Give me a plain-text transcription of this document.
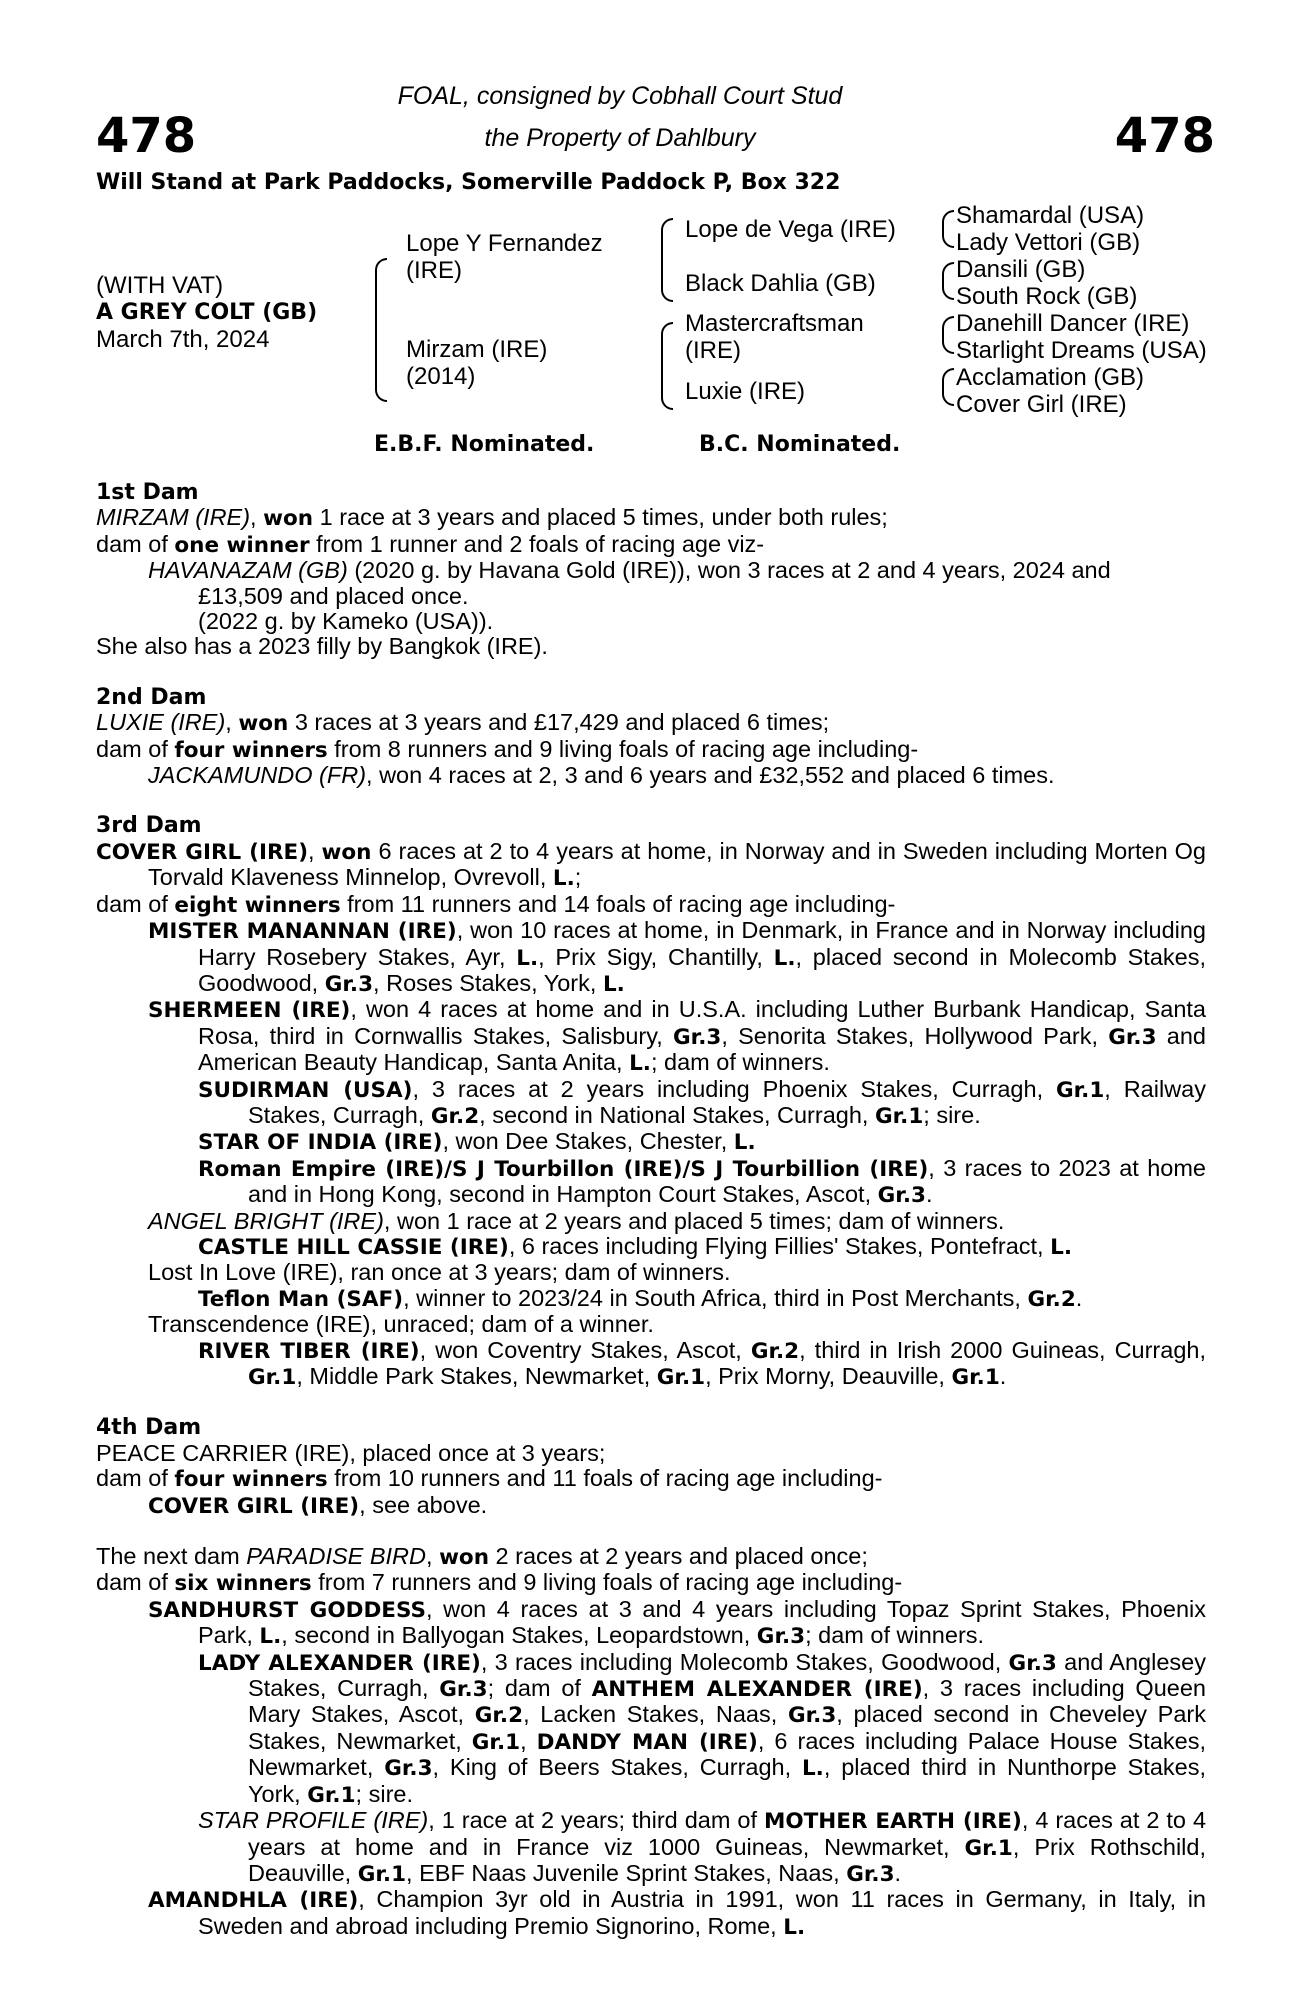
478	478
FOAL, consigned by Cobhall Court Stud
the Property of Dahlbury
Will Stand at Park Paddocks, Somerville Paddock P, Box 322
(WITH VAT)
A GREY COLT (GB)
March 7th, 2024
Lope Y Fernandez (IRE)
Mirzam (IRE) (2014)
Lope de Vega (IRE)
Black Dahlia (GB)
Mastercraftsman (IRE)
Luxie (IRE)
Shamardal (USA)
Lady Vettori (GB)
Dansili (GB)
South Rock (GB)
Danehill Dancer (IRE)
Starlight Dreams (USA)
Acclamation (GB)
Cover Girl (IRE)
E.B.F. Nominated.	B.C. Nominated.
1st Dam
MIRZAM (IRE), won 1 race at 3 years and placed 5 times, under both rules;
dam of one winner from 1 runner and 2 foals of racing age viz-
HAVANAZAM (GB) (2020 g. by Havana Gold (IRE)), won 3 races at 2 and 4 years, 2024 and
£13,509 and placed once.
(2022 g. by Kameko (USA)).
She also has a 2023 filly by Bangkok (IRE).
2nd Dam
LUXIE (IRE), won 3 races at 3 years and £17,429 and placed 6 times;
dam of four winners from 8 runners and 9 living foals of racing age including-
JACKAMUNDO (FR), won 4 races at 2, 3 and 6 years and £32,552 and placed 6 times.
3rd Dam
COVER GIRL (IRE), won 6 races at 2 to 4 years at home, in Norway and in Sweden including Morten Og Torvald Klaveness Minnelop, Ovrevoll, L.;
dam of eight winners from 11 runners and 14 foals of racing age including-
MISTER MANANNAN (IRE), won 10 races at home, in Denmark, in France and in Norway including Harry Rosebery Stakes, Ayr, L., Prix Sigy, Chantilly, L., placed second in Molecomb Stakes, Goodwood, Gr.3, Roses Stakes, York, L.
SHERMEEN (IRE), won 4 races at home and in U.S.A. including Luther Burbank Handicap, Santa Rosa, third in Cornwallis Stakes, Salisbury, Gr.3, Senorita Stakes, Hollywood Park, Gr.3 and American Beauty Handicap, Santa Anita, L.; dam of winners.
SUDIRMAN (USA), 3 races at 2 years including Phoenix Stakes, Curragh, Gr.1, Railway Stakes, Curragh, Gr.2, second in National Stakes, Curragh, Gr.1; sire.
STAR OF INDIA (IRE), won Dee Stakes, Chester, L.
Roman Empire (IRE)/S J Tourbillon (IRE)/S J Tourbillion (IRE), 3 races to 2023 at home and in Hong Kong, second in Hampton Court Stakes, Ascot, Gr.3.
ANGEL BRIGHT (IRE), won 1 race at 2 years and placed 5 times; dam of winners.
CASTLE HILL CASSIE (IRE), 6 races including Flying Fillies' Stakes, Pontefract, L.
Lost In Love (IRE), ran once at 3 years; dam of winners.
Teflon Man (SAF), winner to 2023/24 in South Africa, third in Post Merchants, Gr.2.
Transcendence (IRE), unraced; dam of a winner.
RIVER TIBER (IRE), won Coventry Stakes, Ascot, Gr.2, third in Irish 2000 Guineas, Curragh, Gr.1, Middle Park Stakes, Newmarket, Gr.1, Prix Morny, Deauville, Gr.1.
4th Dam
PEACE CARRIER (IRE), placed once at 3 years;
dam of four winners from 10 runners and 11 foals of racing age including-
COVER GIRL (IRE), see above.
The next dam PARADISE BIRD, won 2 races at 2 years and placed once;
dam of six winners from 7 runners and 9 living foals of racing age including-
SANDHURST GODDESS, won 4 races at 3 and 4 years including Topaz Sprint Stakes, Phoenix Park, L., second in Ballyogan Stakes, Leopardstown, Gr.3; dam of winners.
LADY ALEXANDER (IRE), 3 races including Molecomb Stakes, Goodwood, Gr.3 and Anglesey Stakes, Curragh, Gr.3; dam of ANTHEM ALEXANDER (IRE), 3 races including Queen Mary Stakes, Ascot, Gr.2, Lacken Stakes, Naas, Gr.3, placed second in Cheveley Park Stakes, Newmarket, Gr.1, DANDY MAN (IRE), 6 races including Palace House Stakes, Newmarket, Gr.3, King of Beers Stakes, Curragh, L., placed third in Nunthorpe Stakes, York, Gr.1; sire.
STAR PROFILE (IRE), 1 race at 2 years; third dam of MOTHER EARTH (IRE), 4 races at 2 to 4 years at home and in France viz 1000 Guineas, Newmarket, Gr.1, Prix Rothschild, Deauville, Gr.1, EBF Naas Juvenile Sprint Stakes, Naas, Gr.3.
AMANDHLA (IRE), Champion 3yr old in Austria in 1991, won 11 races in Germany, in Italy, in Sweden and abroad including Premio Signorino, Rome, L.
